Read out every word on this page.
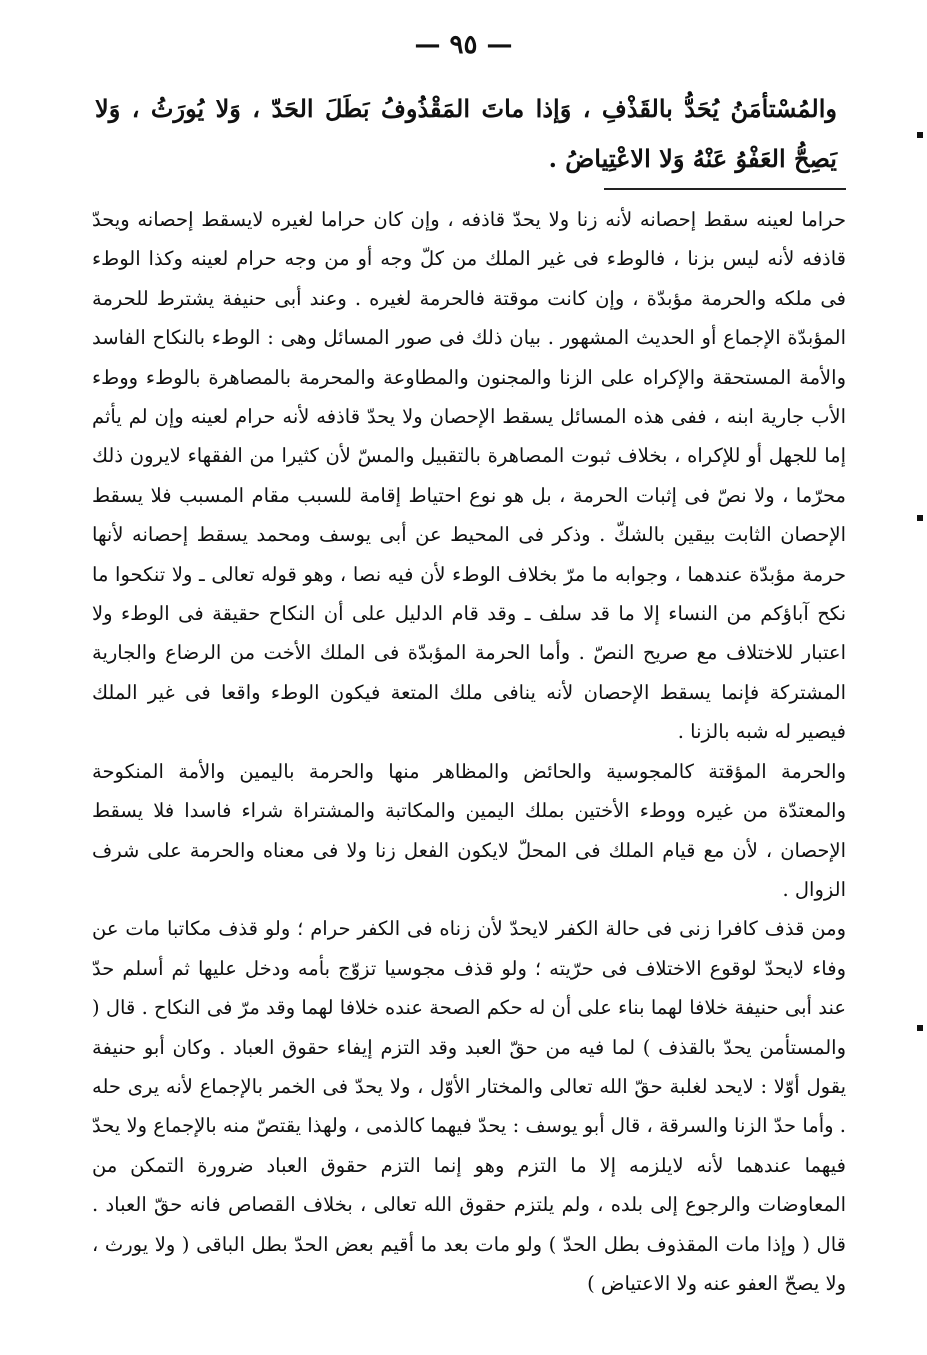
— ٩٥ —

والمُسْتأمَنُ يُحَدُّ بالقَذْفِ ، وَإذا ماتَ المَقْذُوفُ بَطَلَ الحَدّ ، وَلا يُورَثُ ، وَلا يَصِحُّ العَفْوُ عَنْهُ وَلا الاعْتِياضُ .

حراما لعينه سقط إحصانه لأنه زنا ولا يحدّ قاذفه ، وإن كان حراما لغيره لايسقط إحصانه ويحدّ قاذفه لأنه ليس بزنا ، فالوطء فى غير الملك من كلّ وجه أو من وجه حرام لعينه وكذا الوطء فى ملكه والحرمة مؤبدّة ، وإن كانت موقتة فالحرمة لغيره . وعند أبى حنيفة يشترط للحرمة المؤبدّة الإجماع أو الحديث المشهور . بيان ذلك فى صور المسائل وهى : الوطء بالنكاح الفاسد والأمة المستحقة والإكراه على الزنا والمجنون والمطاوعة والمحرمة بالمصاهرة بالوطء ووطء الأب جارية ابنه ، ففى هذه المسائل يسقط الإحصان ولا يحدّ قاذفه لأنه حرام لعينه وإن لم يأثم إما للجهل أو للإكراه ، بخلاف ثبوت المصاهرة بالتقبيل والمسّ لأن كثيرا من الفقهاء لايرون ذلك محرّما ، ولا نصّ فى إثبات الحرمة ، بل هو نوع احتياط إقامة للسبب مقام المسبب فلا يسقط الإحصان الثابت بيقين بالشكّ . وذكر فى المحيط عن أبى يوسف ومحمد يسقط إحصانه لأنها حرمة مؤبدّة عندهما ، وجوابه ما مرّ بخلاف الوطء لأن فيه نصا ، وهو قوله تعالى ـ ولا تنكحوا ما نكح آباؤكم من النساء إلا ما قد سلف ـ وقد قام الدليل على أن النكاح حقيقة فى الوطء ولا اعتبار للاختلاف مع صريح النصّ . وأما الحرمة المؤبدّة فى الملك الأخت من الرضاع والجارية المشتركة فإنما يسقط الإحصان لأنه ينافى ملك المتعة فيكون الوطء واقعا فى غير الملك فيصير له شبه بالزنا .

والحرمة المؤقتة كالمجوسية والحائض والمظاهر منها والحرمة باليمين والأمة المنكوحة والمعتدّة من غيره ووطء الأختين بملك اليمين والمكاتبة والمشتراة شراء فاسدا فلا يسقط الإحصان ، لأن مع قيام الملك فى المحلّ لايكون الفعل زنا ولا فى معناه والحرمة على شرف الزوال .

ومن قذف كافرا زنى فى حالة الكفر لايحدّ لأن زناه فى الكفر حرام ؛ ولو قذف مكاتبا مات عن وفاء لايحدّ لوقوع الاختلاف فى حرّيته ؛ ولو قذف مجوسيا تزوّج بأمه ودخل عليها ثم أسلم حدّ عند أبى حنيفة خلافا لهما بناء على أن له حكم الصحة عنده خلافا لهما وقد مرّ فى النكاح . قال ( والمستأمن يحدّ بالقذف ) لما فيه من حقّ العبد وقد التزم إيفاء حقوق العباد . وكان أبو حنيفة يقول أوّلا : لايحد لغلبة حقّ الله تعالى والمختار الأوّل ، ولا يحدّ فى الخمر بالإجماع لأنه يرى حله . وأما حدّ الزنا والسرقة ، قال أبو يوسف : يحدّ فيهما كالذمى ، ولهذا يقتصّ منه بالإجماع ولا يحدّ فيهما عندهما لأنه لايلزمه إلا ما التزم وهو إنما التزم حقوق العباد ضرورة التمكن من المعاوضات والرجوع إلى بلده ، ولم يلتزم حقوق الله تعالى ، بخلاف القصاص فانه حقّ العباد . قال ( وإذا مات المقذوف بطل الحدّ ) ولو مات بعد ما أقيم بعض الحدّ بطل الباقى ( ولا يورث ، ولا يصحّ العفو عنه ولا الاعتياض )
